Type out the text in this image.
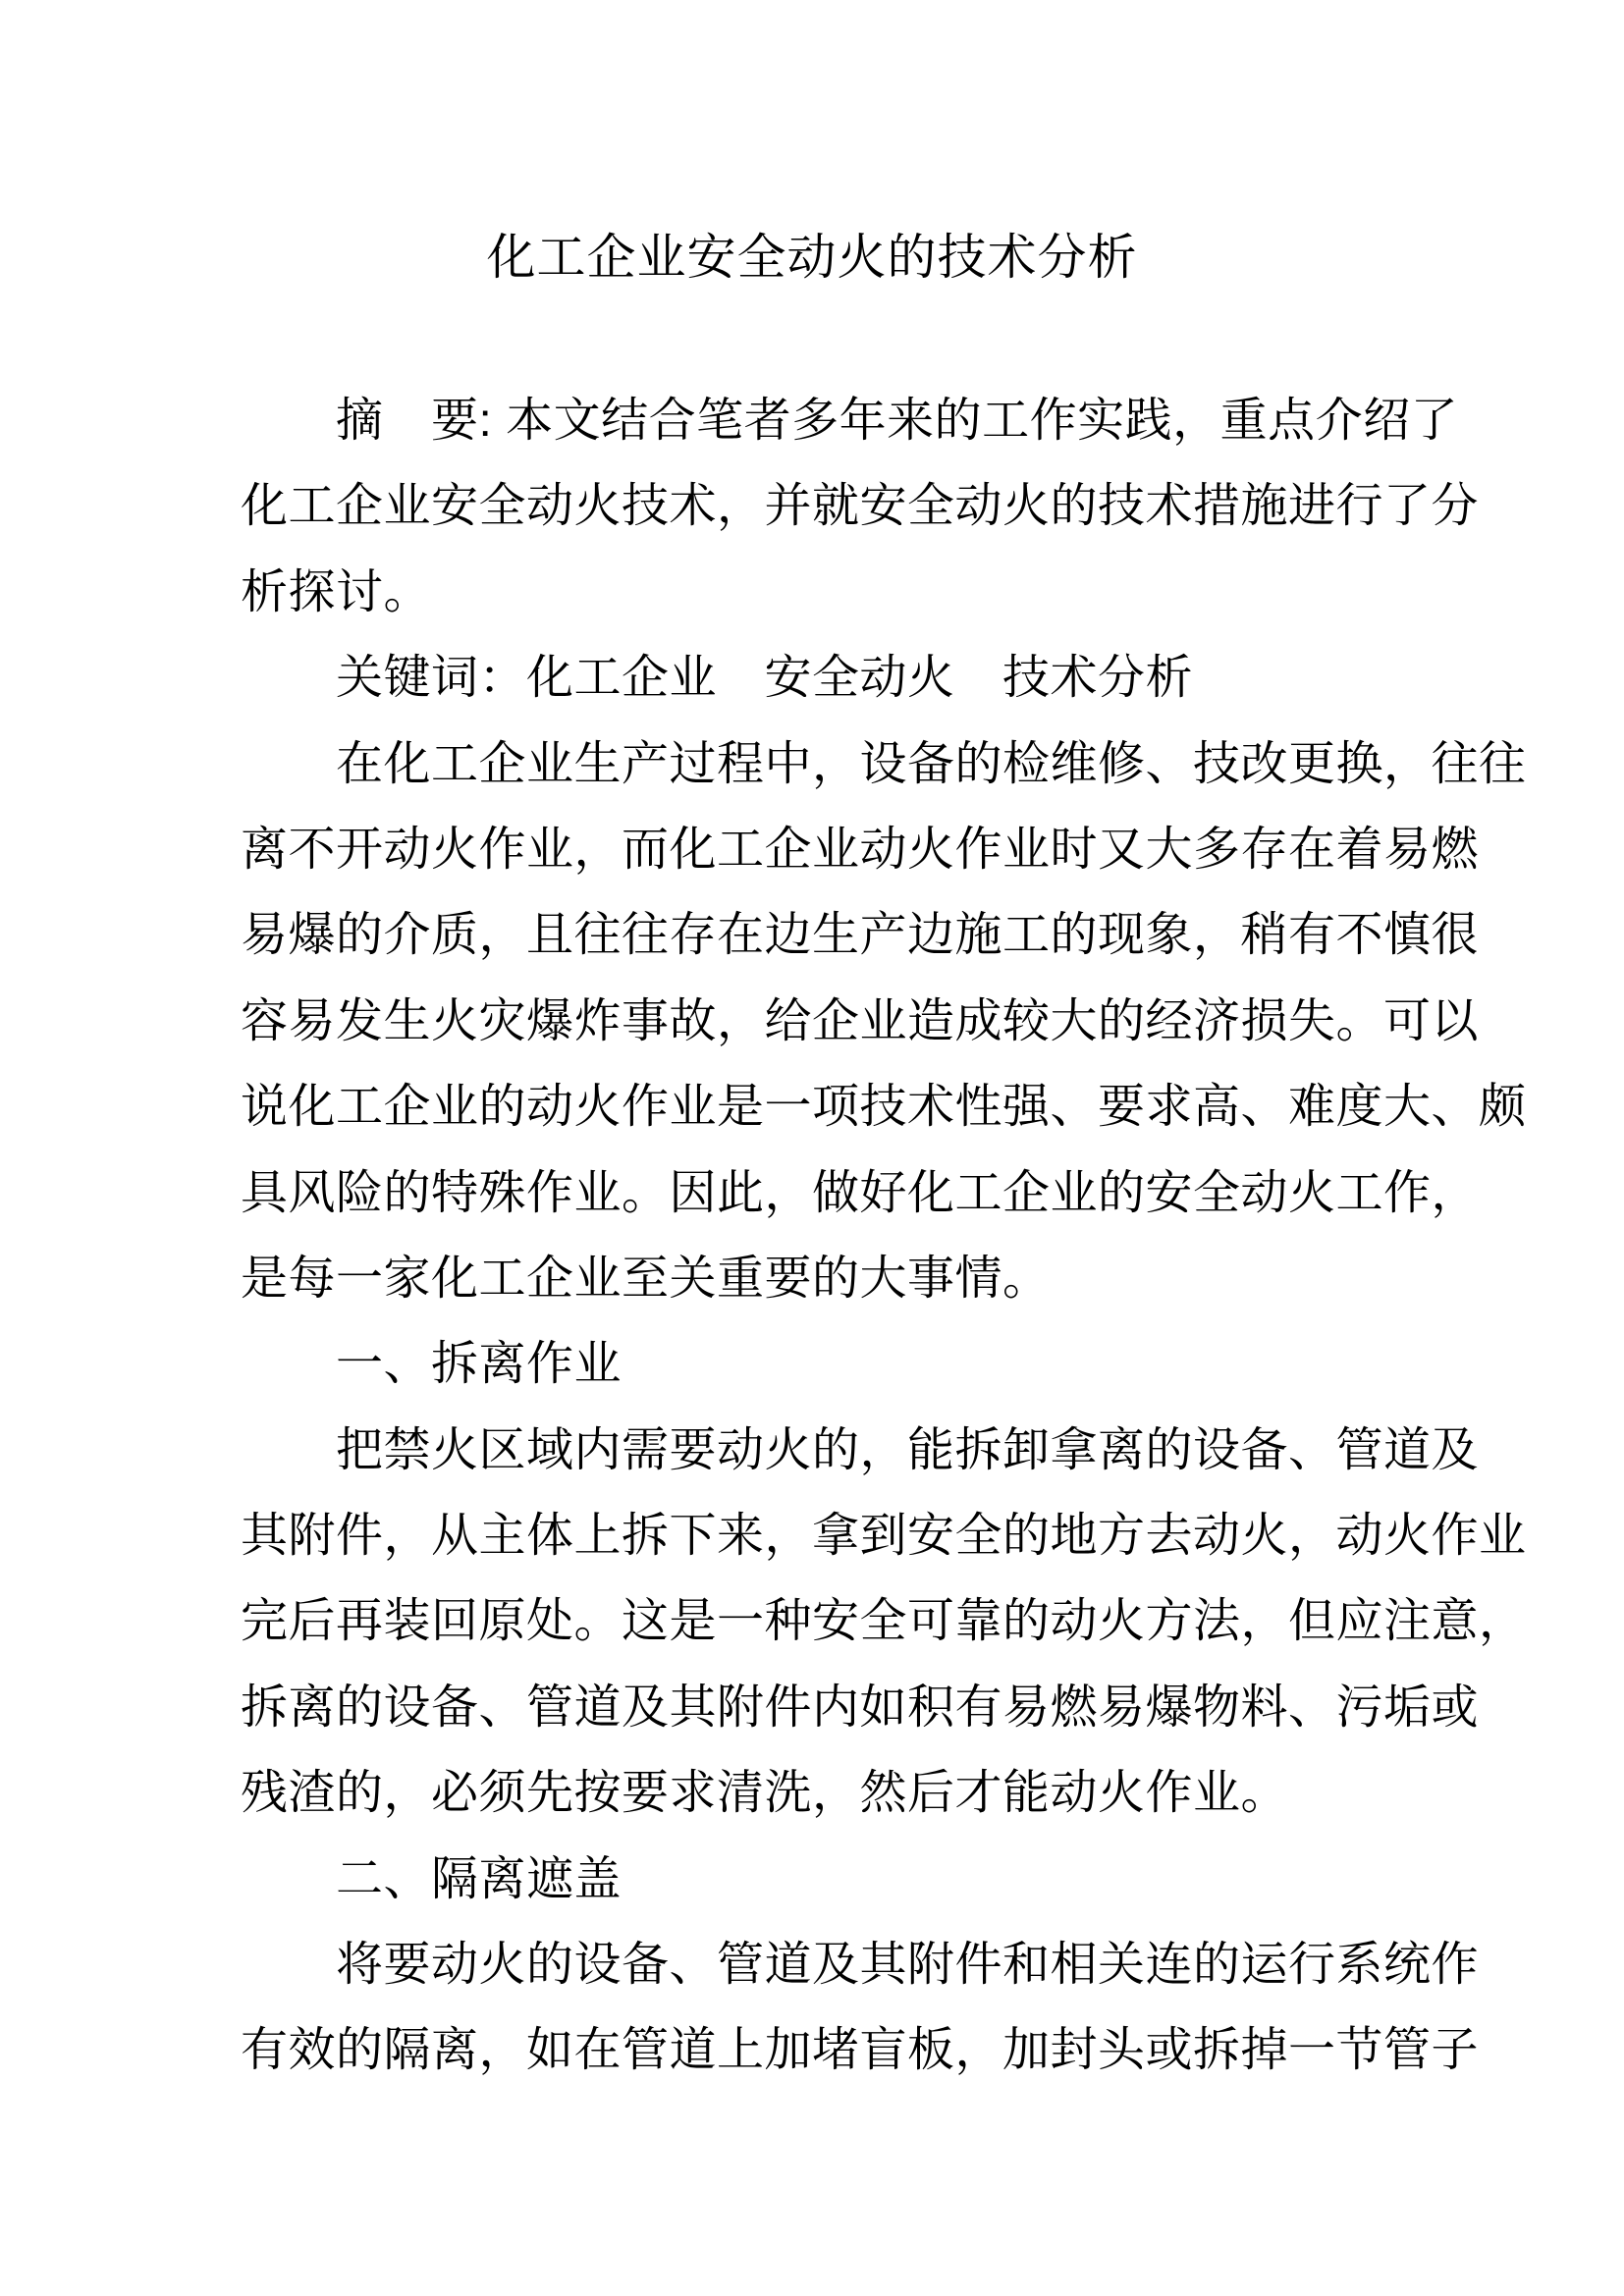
化工企业安全动火的技术分析
摘　要: 本文结合笔者多年来的工作实践，重点介绍了
化工企业安全动火技术，并就安全动火的技术措施进行了分
析探讨。
关键词：化工企业　安全动火　技术分析
在化工企业生产过程中，设备的检维修、技改更换，往往
离不开动火作业，而化工企业动火作业时又大多存在着易燃
易爆的介质，且往往存在边生产边施工的现象，稍有不慎很
容易发生火灾爆炸事故，给企业造成较大的经济损失。可以
说化工企业的动火作业是一项技术性强、要求高、难度大、颇
具风险的特殊作业。因此，做好化工企业的安全动火工作，
是每一家化工企业至关重要的大事情。
一、拆离作业
把禁火区域内需要动火的，能拆卸拿离的设备、管道及
其附件，从主体上拆下来，拿到安全的地方去动火，动火作业
完后再装回原处。这是一种安全可靠的动火方法，但应注意，
拆离的设备、管道及其附件内如积有易燃易爆物料、污垢或
残渣的，必须先按要求清洗，然后才能动火作业。
二、隔离遮盖
将要动火的设备、管道及其附件和相关连的运行系统作
有效的隔离，如在管道上加堵盲板，加封头或拆掉一节管子
